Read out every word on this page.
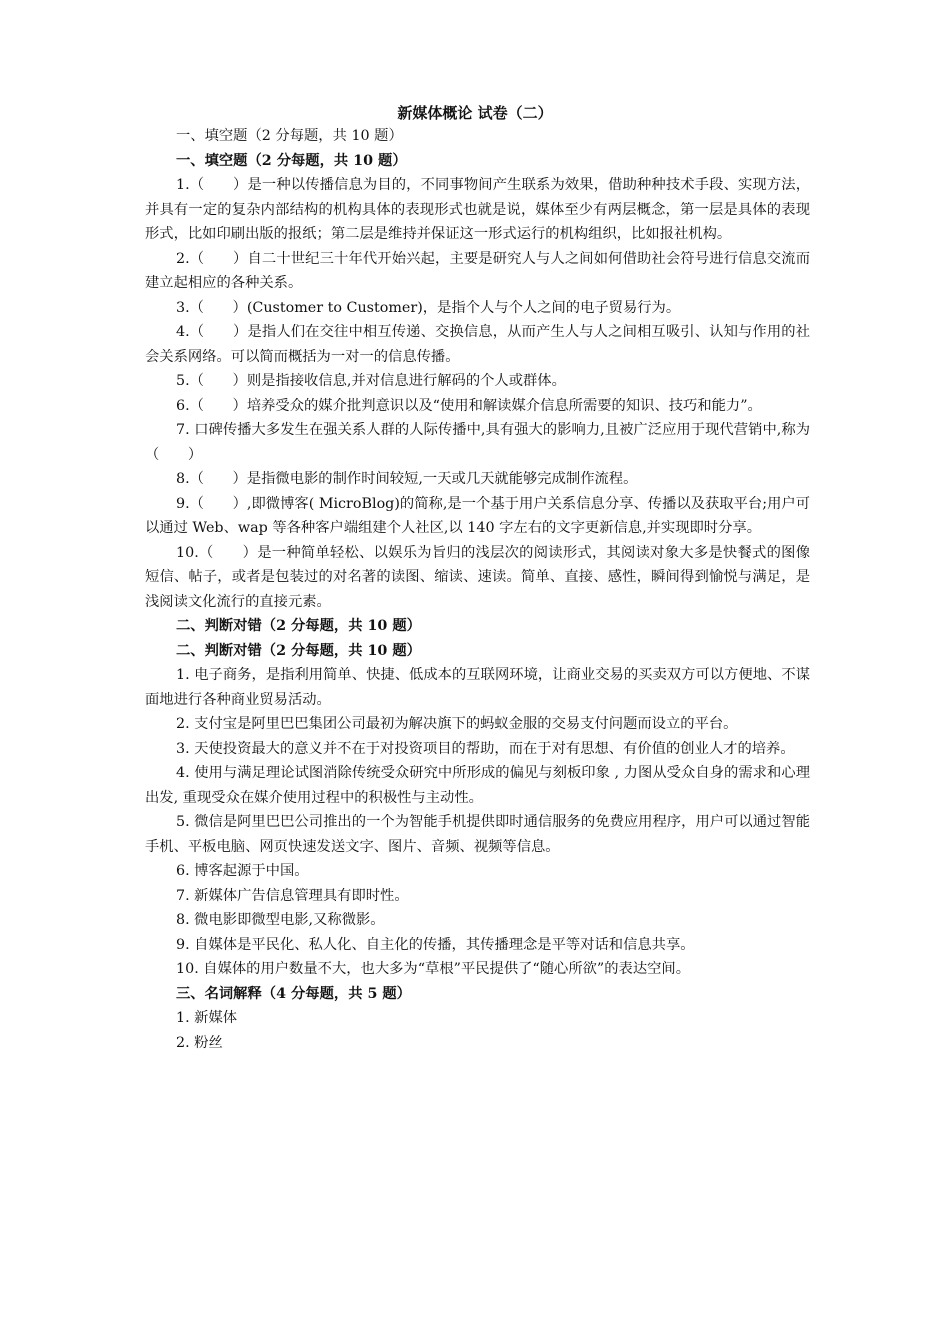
新媒体概论 试卷（二）
一、填空题（2 分每题，共 10 题）
一、填空题（2 分每题，共 10 题）
1.（　　）是一种以传播信息为目的，不同事物间产生联系为效果，借助种种技术手段、实现方法，并具有一定的复杂内部结构的机构具体的表现形式也就是说，媒体至少有两层概念，第一层是具体的表现形式，比如印刷出版的报纸；第二层是维持并保证这一形式运行的机构组织，比如报社机构。
2.（　　）自二十世纪三十年代开始兴起，主要是研究人与人之间如何借助社会符号进行信息交流而建立起相应的各种关系。
3.（　　）(Customer to Customer)，是指个人与个人之间的电子贸易行为。
4.（　　）是指人们在交往中相互传递、交换信息，从而产生人与人之间相互吸引、认知与作用的社会关系网络。可以简而概括为一对一的信息传播。
5.（　　）则是指接收信息,并对信息进行解码的个人或群体。
6.（　　）培养受众的媒介批判意识以及“使用和解读媒介信息所需要的知识、技巧和能力”。
7. 口碑传播大多发生在强关系人群的人际传播中,具有强大的影响力,且被广泛应用于现代营销中,称为（　　）
8.（　　）是指微电影的制作时间较短,一天或几天就能够完成制作流程。
9.（　　）,即微博客( MicroBlog)的简称,是一个基于用户关系信息分享、传播以及获取平台;用户可以通过 Web、wap 等各种客户端组建个人社区,以 140 字左右的文字更新信息,并实现即时分享。
10.（　　）是一种简单轻松、以娱乐为旨归的浅层次的阅读形式，其阅读对象大多是快餐式的图像短信、帖子，或者是包装过的对名著的读图、缩读、速读。简单、直接、感性，瞬间得到愉悦与满足，是浅阅读文化流行的直接元素。
二、判断对错（2 分每题，共 10 题）
二、判断对错（2 分每题，共 10 题）
1. 电子商务，是指利用简单、快捷、低成本的互联网环境，让商业交易的买卖双方可以方便地、不谋面地进行各种商业贸易活动。
2. 支付宝是阿里巴巴集团公司最初为解决旗下的蚂蚁金服的交易支付问题而设立的平台。
3. 天使投资最大的意义并不在于对投资项目的帮助，而在于对有思想、有价值的创业人才的培养。
4. 使用与满足理论试图消除传统受众研究中所形成的偏见与刻板印象 , 力图从受众自身的需求和心理出发, 重现受众在媒介使用过程中的积极性与主动性。
5. 微信是阿里巴巴公司推出的一个为智能手机提供即时通信服务的免费应用程序，用户可以通过智能手机、平板电脑、网页快速发送文字、图片、音频、视频等信息。
6. 博客起源于中国。
7. 新媒体广告信息管理具有即时性。
8. 微电影即微型电影,又称微影。
9. 自媒体是平民化、私人化、自主化的传播，其传播理念是平等对话和信息共享。
10. 自媒体的用户数量不大，也大多为“草根”平民提供了“随心所欲”的表达空间。
三、名词解释（4 分每题，共 5 题）
1. 新媒体
2. 粉丝
